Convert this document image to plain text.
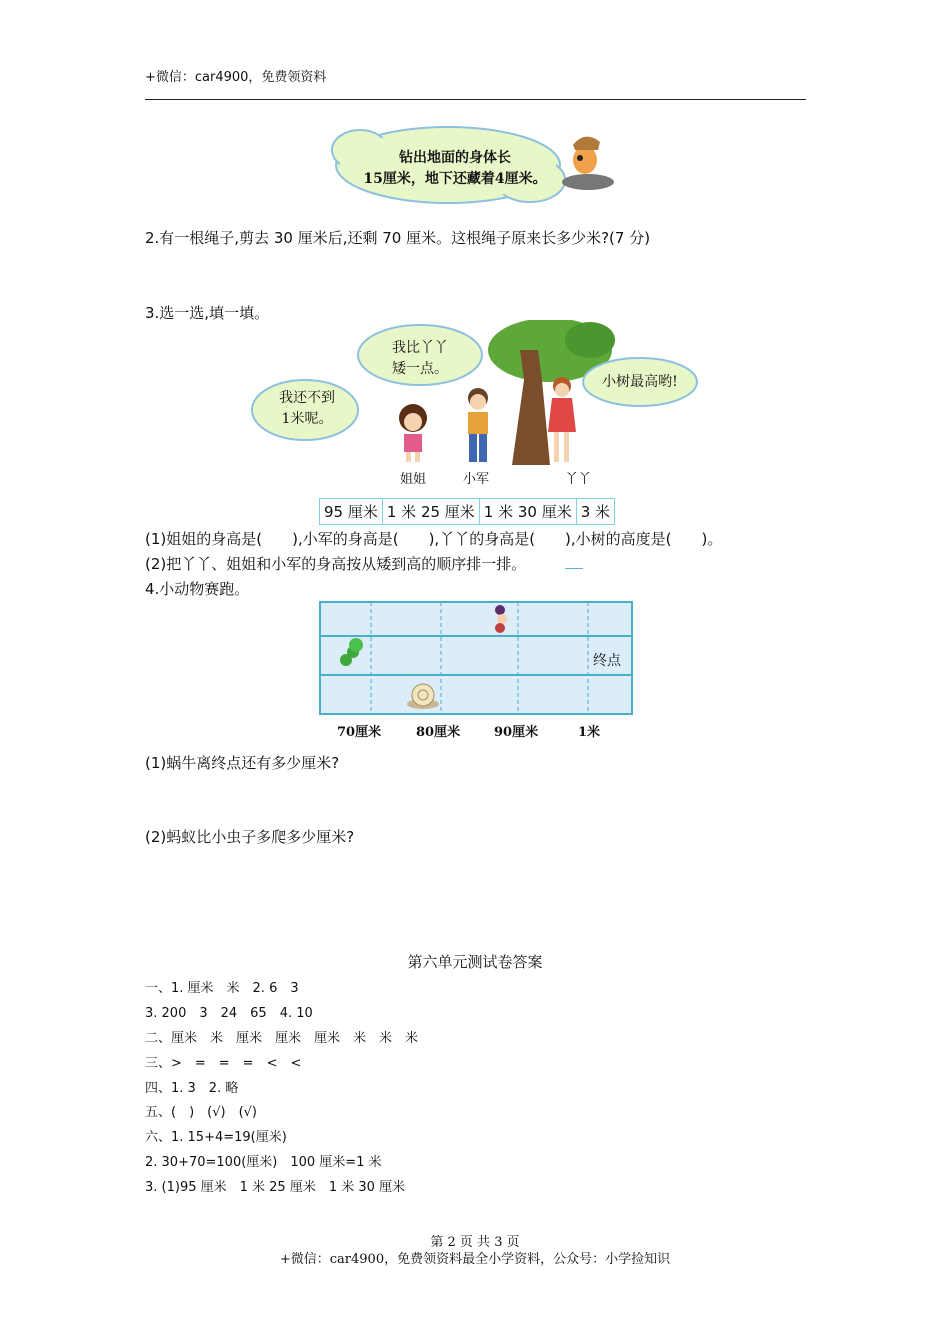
+微信：car4900，免费领资料
钻出地面的身体长
15厘米，地下还藏着4厘米。
2.有一根绳子,剪去 30 厘米后,还剩 70 厘米。这根绳子原来长多少米?(7 分)
3.选一选,填一填。
我还不到
1米呢。
我比丫丫
矮一点。
小树最高哟!
姐姐	小军	丫丫
95 厘米 1 米 25 厘米 1 米 30 厘米 3 米
(1)姐姐的身高是(　　),小军的身高是(　　),丫丫的身高是(　　),小树的高度是(　　)。
(2)把丫丫、姐姐和小军的身高按从矮到高的顺序排一排。
4.小动物赛跑。
终点
70厘米	80厘米	90厘米	1米
(1)蜗牛离终点还有多少厘米?
(2)蚂蚁比小虫子多爬多少厘米?
第六单元测试卷答案
一、1. 厘米　米　2. 6　3
3. 200　3　24　65　4. 10
二、厘米　米　厘米　厘米　厘米　米　米　米
三、>　=　=　=　<　<
四、1. 3　2. 略
五、(　)　(√)　(√)
六、1. 15+4=19(厘米)
2. 30+70=100(厘米)　100 厘米=1 米
3. (1)95 厘米　1 米 25 厘米　1 米 30 厘米
第 2 页 共 3 页
+微信：car4900，免费领资料最全小学资料，公众号：小学捡知识
